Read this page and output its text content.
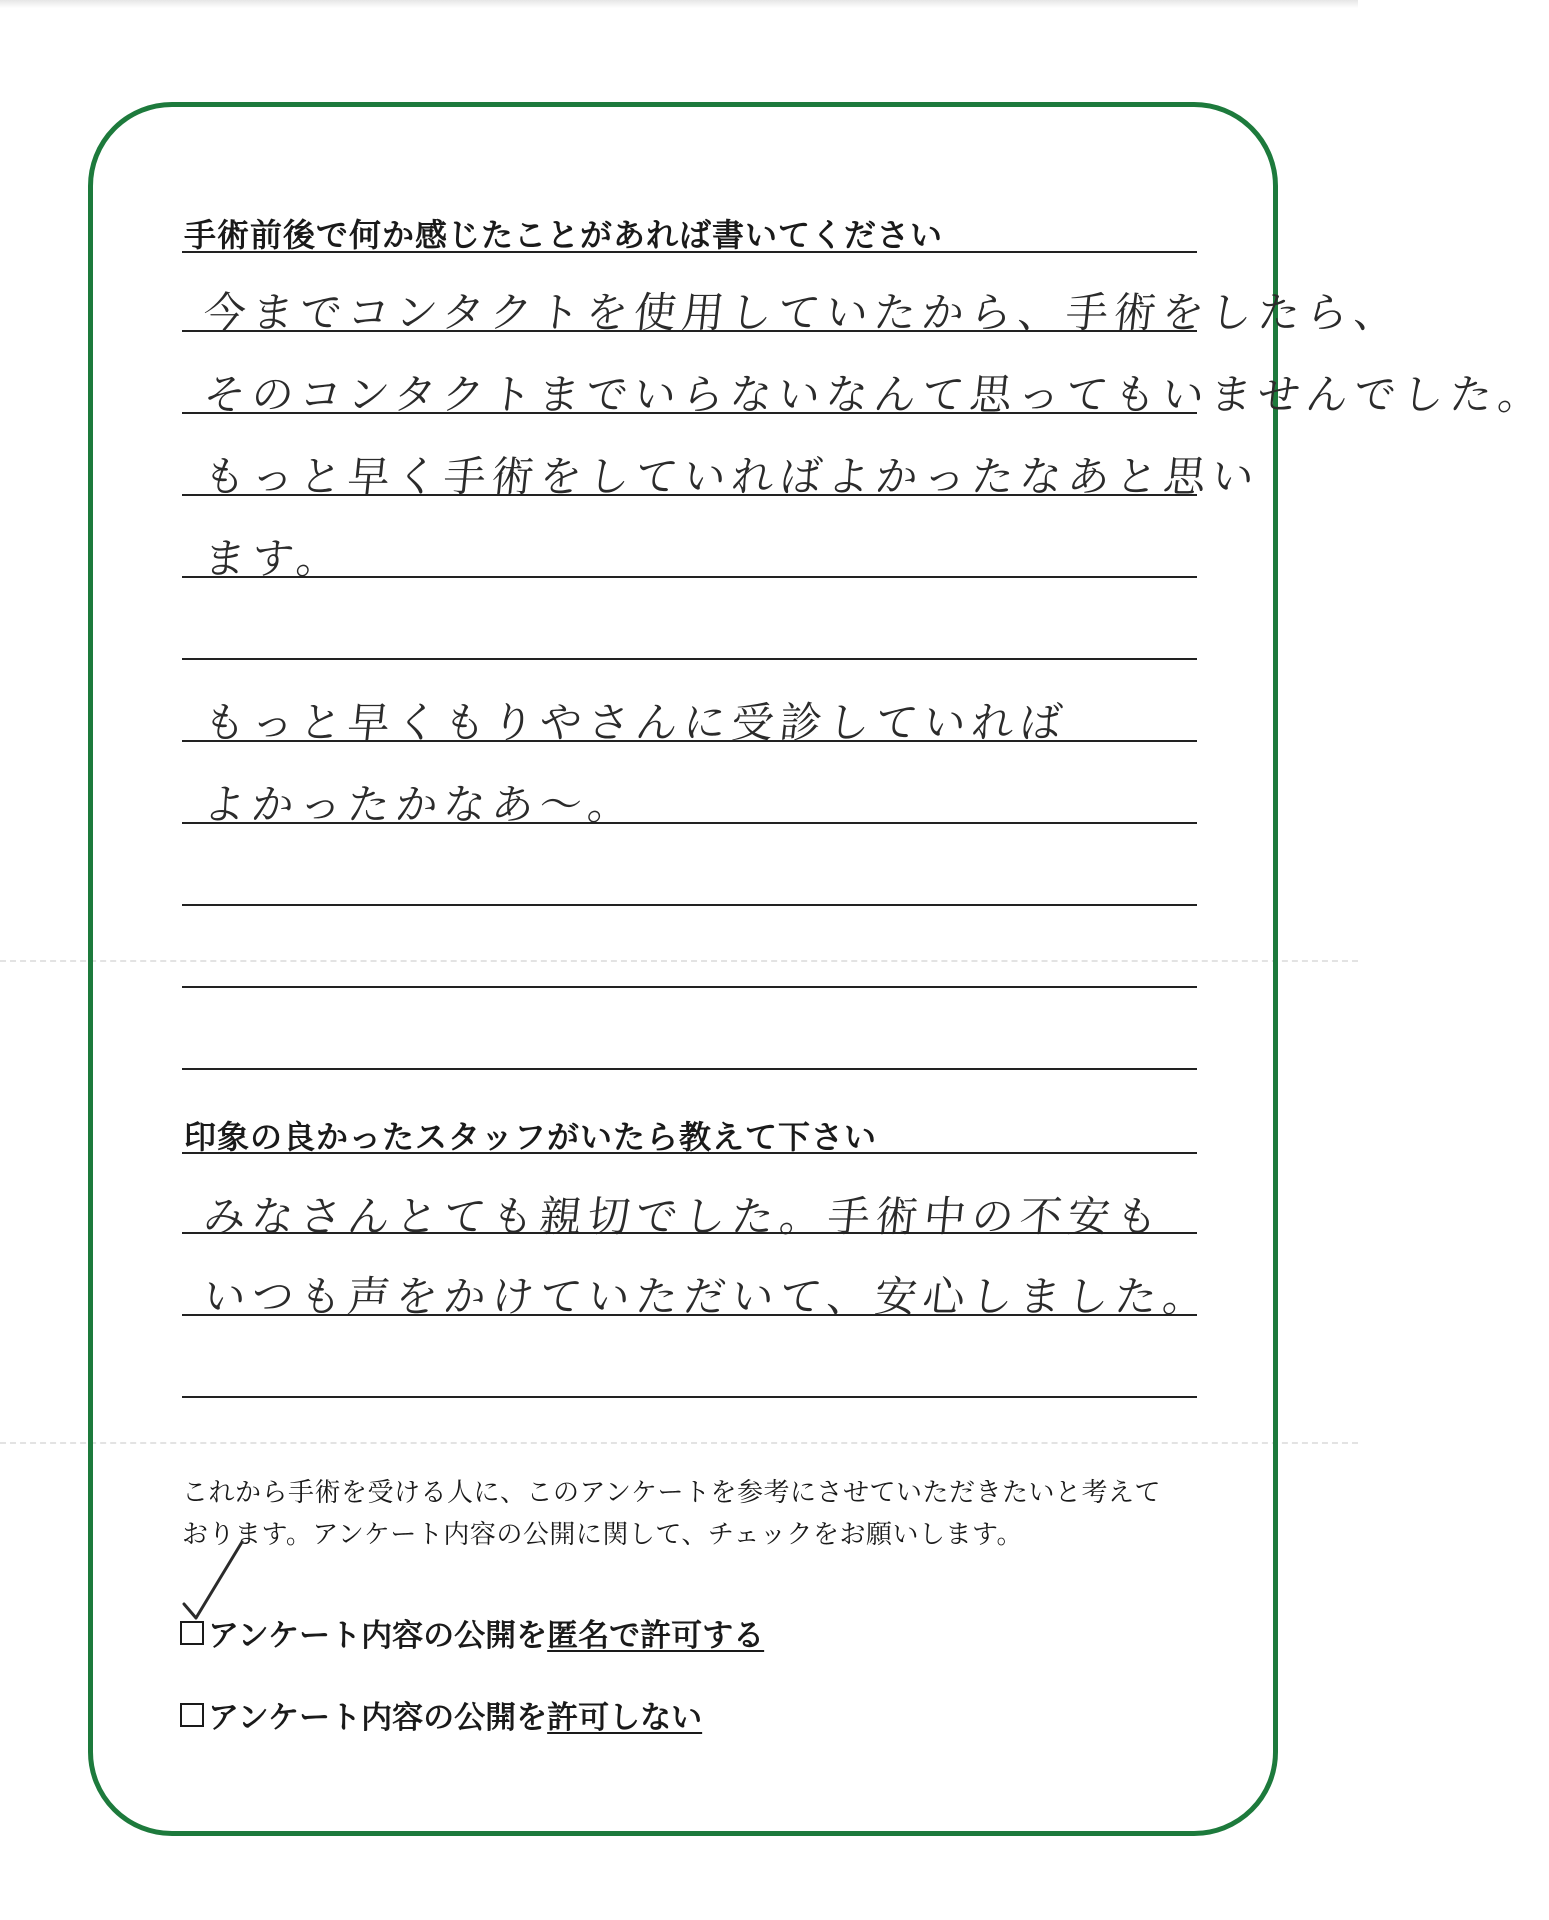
手術前後で何か感じたことがあれば書いてください
今までコンタクトを使用していたから、手術をしたら、
そのコンタクトまでいらないなんて思ってもいませんでした。
もっと早く手術をしていればよかったなあと思い
ます。
もっと早くもりやさんに受診していれば
よかったかなあ〜。
印象の良かったスタッフがいたら教えて下さい
みなさんとても親切でした。手術中の不安も
いつも声をかけていただいて、安心しました。
これから手術を受ける人に、このアンケートを参考にさせていただきたいと考えて
おります。アンケート内容の公開に関して、チェックをお願いします。
アンケート内容の公開を 匿名で許可する
アンケート内容の公開を 許可しない
